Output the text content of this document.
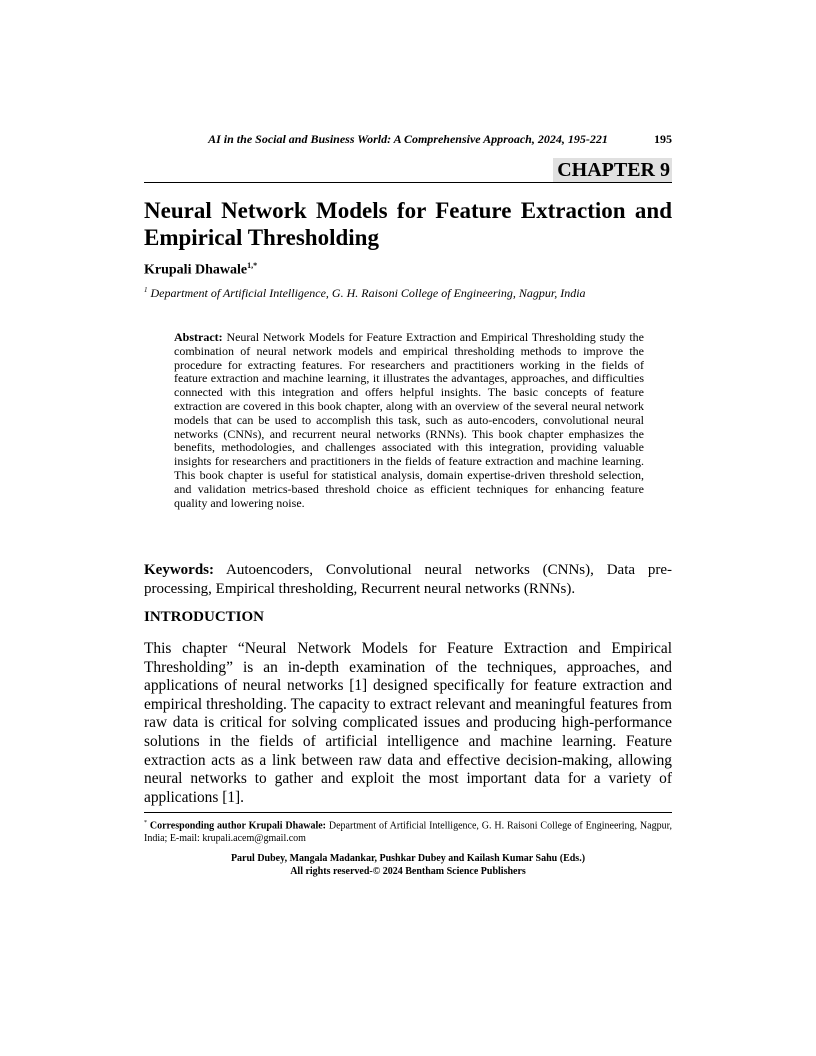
AI in the Social and Business World: A Comprehensive Approach, 2024, 195-221	195
CHAPTER 9
Neural Network Models for Feature Extraction and Empirical Thresholding
Krupali Dhawale$^{1,*}$
$^1$ Department of Artificial Intelligence, G. H. Raisoni College of Engineering, Nagpur, India

Abstract: Neural Network Models for Feature Extraction and Empirical Thresholding study the combination of neural network models and empirical thresholding methods to improve the procedure for extracting features. For researchers and practitioners working in the fields of feature extraction and machine learning, it illustrates the advantages, approaches, and difficulties connected with this integration and offers helpful insights. The basic concepts of feature extraction are covered in this book chapter, along with an overview of the several neural network models that can be used to accomplish this task, such as auto-encoders, convolutional neural networks (CNNs), and recurrent neural networks (RNNs). This book chapter emphasizes the benefits, methodologies, and challenges associated with this integration, providing valuable insights for researchers and practitioners in the fields of feature extraction and machine learning. This book chapter is useful for statistical analysis, domain expertise-driven threshold selection, and validation metrics-based threshold choice as efficient techniques for enhancing feature quality and lowering noise.

Keywords: Autoencoders, Convolutional neural networks (CNNs), Data pre-processing, Empirical thresholding, Recurrent neural networks (RNNs).

INTRODUCTION

This chapter “Neural Network Models for Feature Extraction and Empirical Thresholding” is an in-depth examination of the techniques, approaches, and applications of neural networks [1] designed specifically for feature extraction and empirical thresholding. The capacity to extract relevant and meaningful features from raw data is critical for solving complicated issues and producing high-performance solutions in the fields of artificial intelligence and machine learning. Feature extraction acts as a link between raw data and effective decision-making, allowing neural networks to gather and exploit the most important data for a variety of applications [1].

* Corresponding author Krupali Dhawale: Department of Artificial Intelligence, G. H. Raisoni College of Engineering, Nagpur, India; E-mail: krupali.acem@gmail.com

Parul Dubey, Mangala Madankar, Pushkar Dubey and Kailash Kumar Sahu (Eds.)
All rights reserved-© 2024 Bentham Science Publishers
